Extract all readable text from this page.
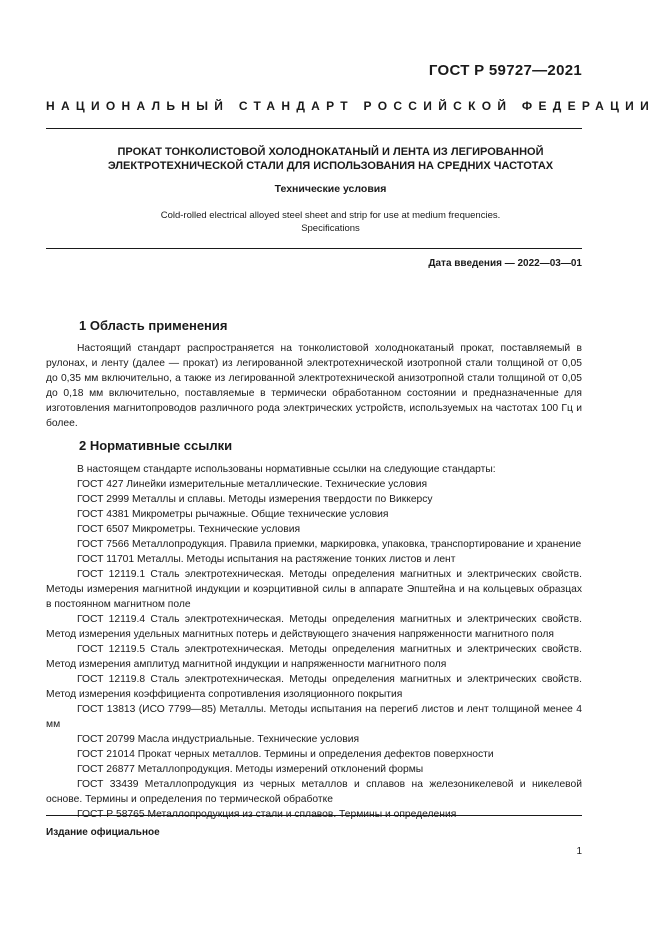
ГОСТ Р 59727—2021
НАЦИОНАЛЬНЫЙ СТАНДАРТ РОССИЙСКОЙ ФЕДЕРАЦИИ
ПРОКАТ ТОНКОЛИСТОВОЙ ХОЛОДНОКАТАНЫЙ И ЛЕНТА ИЗ ЛЕГИРОВАННОЙ
ЭЛЕКТРОТЕХНИЧЕСКОЙ СТАЛИ ДЛЯ ИСПОЛЬЗОВАНИЯ НА СРЕДНИХ ЧАСТОТАХ
Технические условия
Cold-rolled electrical alloyed steel sheet and strip for use at medium frequencies.
Specifications
Дата введения — 2022—03—01
1 Область применения
Настоящий стандарт распространяется на тонколистовой холоднокатаный прокат, поставляемый в рулонах, и ленту (далее — прокат) из легированной электротехнической изотропной стали толщиной от 0,05 до 0,35 мм включительно, а также из легированной электротехнической анизотропной стали толщиной от 0,05 до 0,18 мм включительно, поставляемые в термически обработанном состоянии и предназначенные для изготовления магнитопроводов различного рода электрических устройств, используемых на частотах 100 Гц и более.
2 Нормативные ссылки

В настоящем стандарте использованы нормативные ссылки на следующие стандарты:

ГОСТ 427 Линейки измерительные металлические. Технические условия

ГОСТ 2999 Металлы и сплавы. Методы измерения твердости по Виккерсу

ГОСТ 4381 Микрометры рычажные. Общие технические условия

ГОСТ 6507 Микрометры. Технические условия

ГОСТ 7566 Металлопродукция. Правила приемки, маркировка, упаковка, транспортирование и хранение

ГОСТ 11701 Металлы. Методы испытания на растяжение тонких листов и лент

ГОСТ 12119.1 Сталь электротехническая. Методы определения магнитных и электрических свойств. Методы измерения магнитной индукции и коэрцитивной силы в аппарате Эпштейна и на кольцевых образцах в постоянном магнитном поле

ГОСТ 12119.4 Сталь электротехническая. Методы определения магнитных и электрических свойств. Метод измерения удельных магнитных потерь и действующего значения напряженности магнитного поля

ГОСТ 12119.5 Сталь электротехническая. Методы определения магнитных и электрических свойств. Метод измерения амплитуд магнитной индукции и напряженности магнитного поля

ГОСТ 12119.8 Сталь электротехническая. Методы определения магнитных и электрических свойств. Метод измерения коэффициента сопротивления изоляционного покрытия

ГОСТ 13813 (ИСО 7799—85) Металлы. Методы испытания на перегиб листов и лент толщиной менее 4 мм

ГОСТ 20799 Масла индустриальные. Технические условия

ГОСТ 21014 Прокат черных металлов. Термины и определения дефектов поверхности

ГОСТ 26877 Металлопродукция. Методы измерений отклонений формы

ГОСТ 33439 Металлопродукция из черных металлов и сплавов на железоникелевой и никелевой основе. Термины и определения по термической обработке

ГОСТ Р 58765 Металлопродукция из стали и сплавов. Термины и определения

Издание официальное
1
